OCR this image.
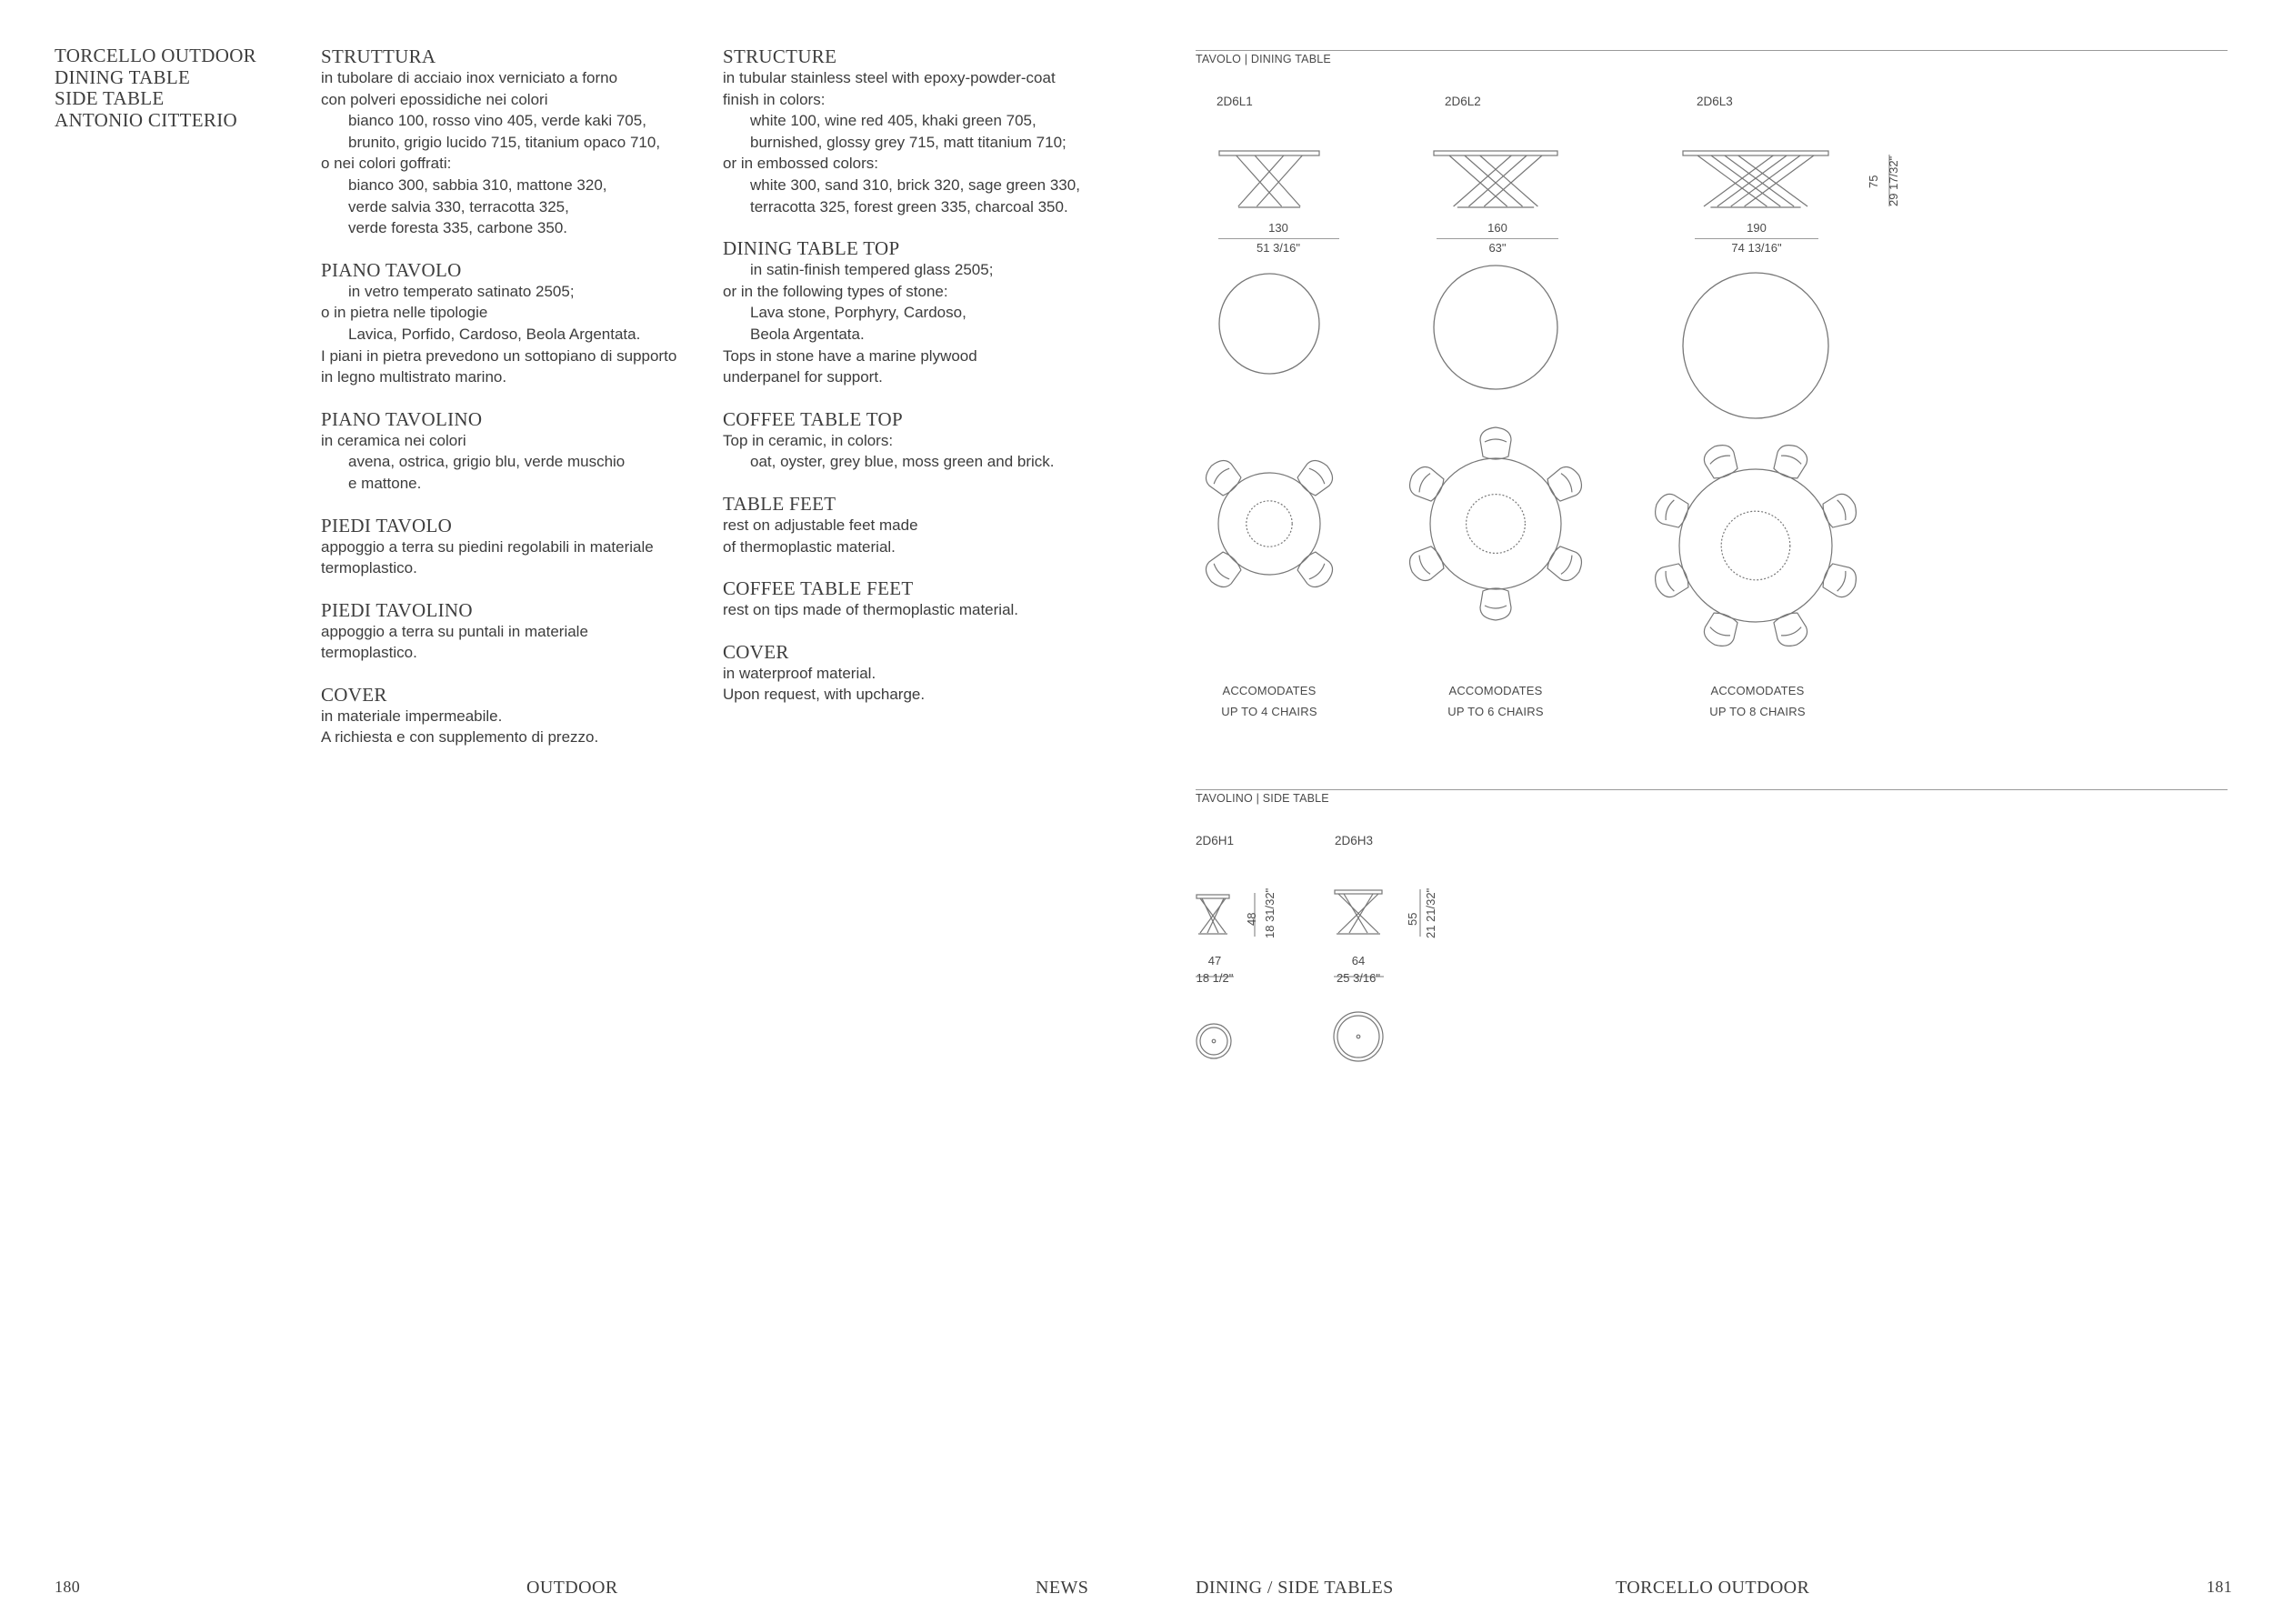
TORCELLO OUTDOOR
DINING TABLE
SIDE TABLE
ANTONIO CITTERIO
STRUTTURA
in tubolare di acciaio inox verniciato a forno
con polveri epossidiche nei colori
bianco 100, rosso vino 405, verde kaki 705,
brunito, grigio lucido 715, titanium opaco 710,
o nei colori goffrati:
bianco 300, sabbia 310, mattone 320,
verde salvia 330, terracotta 325,
verde foresta 335, carbone 350.
PIANO TAVOLO
in vetro temperato satinato 2505;
o in pietra nelle tipologie
Lavica, Porfido, Cardoso, Beola Argentata.
I piani in pietra prevedono un sottopiano di supporto
in legno multistrato marino.
PIANO TAVOLINO
in ceramica nei colori
avena, ostrica, grigio blu, verde muschio
e mattone.
PIEDI TAVOLO
appoggio a terra su piedini regolabili in materiale
termoplastico.
PIEDI TAVOLINO
appoggio a terra su puntali in materiale
termoplastico.
COVER
in materiale impermeabile.
A richiesta e con supplemento di prezzo.
STRUCTURE
in tubular stainless steel with epoxy-powder-coat
finish in colors:
white 100, wine red 405, khaki green 705,
burnished, glossy grey 715, matt titanium 710;
or in embossed colors:
white 300, sand 310, brick 320, sage green 330,
terracotta 325, forest green 335, charcoal 350.
DINING TABLE TOP
in satin-finish tempered glass 2505;
or in the following types of stone:
Lava stone, Porphyry, Cardoso,
Beola Argentata.
Tops in stone have a marine plywood
underpanel for support.
COFFEE TABLE TOP
Top in ceramic, in colors:
oat, oyster, grey blue, moss green and brick.
TABLE FEET
rest on adjustable feet made
of thermoplastic material.
COFFEE TABLE FEET
rest on tips made of thermoplastic material.
COVER
in waterproof material.
Upon request, with upcharge.
TAVOLO | DINING TABLE
2D6L1	2D6L2	2D6L3
75 29 17/32"
130
51 3/16"
160
63"
190
74 13/16"
ACCOMODATES
UP TO 4 CHAIRS
ACCOMODATES
UP TO 6 CHAIRS
ACCOMODATES
UP TO 8 CHAIRS
TAVOLINO | SIDE TABLE
2D6H1	2D6H3
48 18 31/32"	55 21 21/32"
47
18 1/2"
64
25 3/16"
180	OUTDOOR	NEWS	DINING / SIDE TABLES	TORCELLO OUTDOOR	181
